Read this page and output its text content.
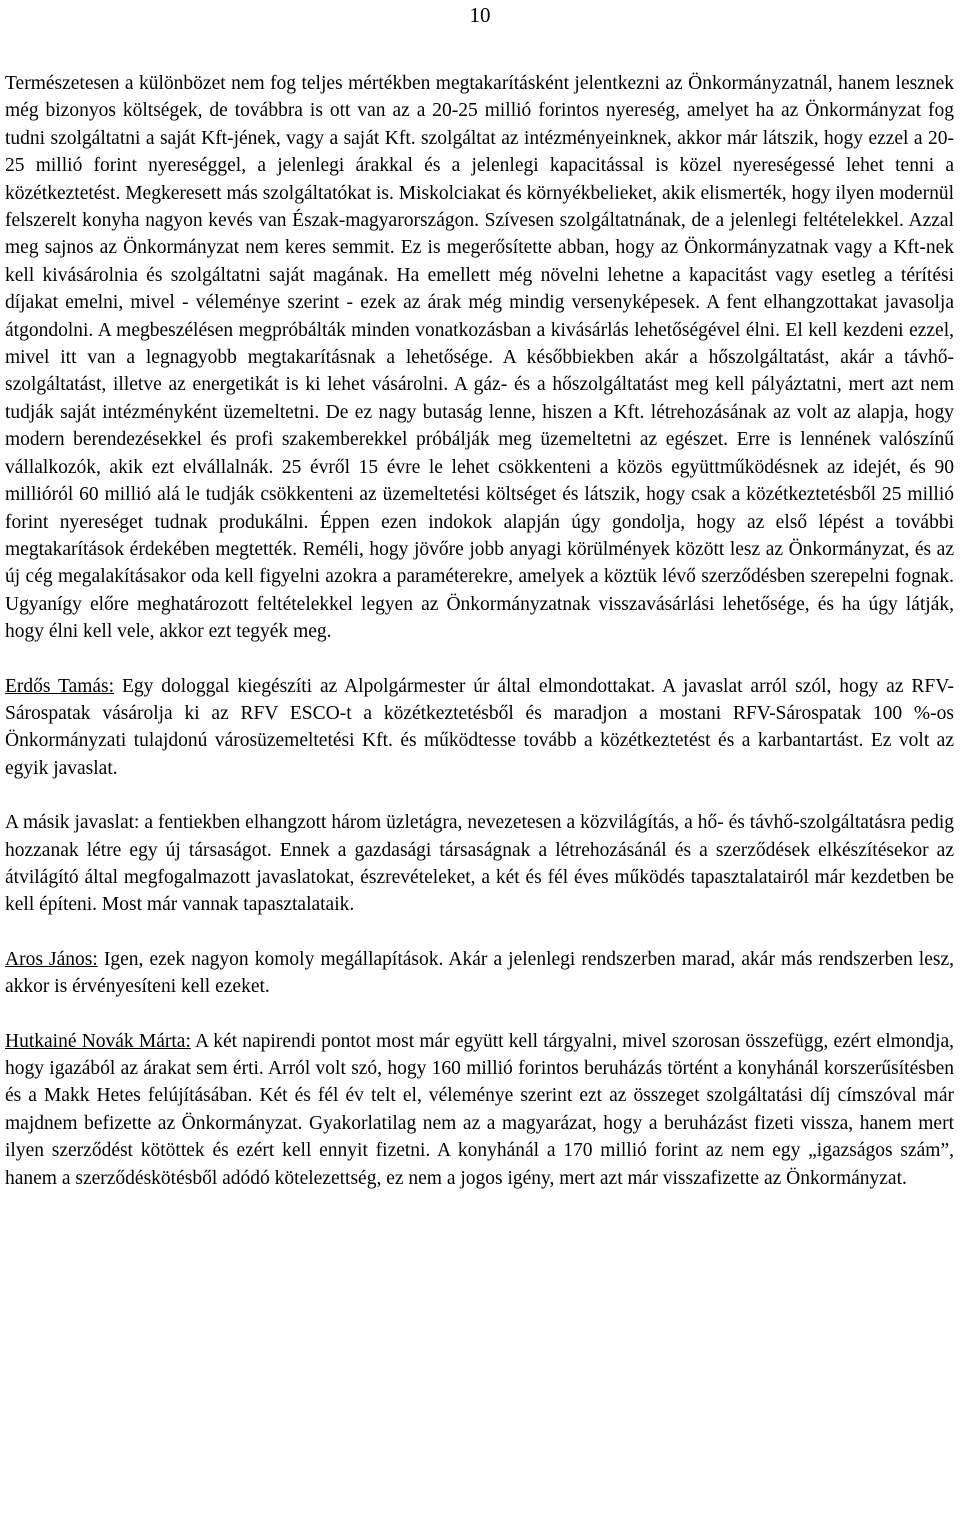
10

Természetesen a különbözet nem fog teljes mértékben megtakarításként jelentkezni az Önkormányzatnál, hanem lesznek még bizonyos költségek, de továbbra is ott van az a 20-25 millió forintos nyereség, amelyet ha az Önkormányzat fog tudni szolgáltatni a saját Kft-jének, vagy a saját Kft. szolgáltat az intézményeinknek, akkor már látszik, hogy ezzel a 20-25 millió forint nyereséggel, a jelenlegi árakkal és a jelenlegi kapacitással is közel nyereségessé lehet tenni a közétkeztetést. Megkeresett más szolgáltatókat is. Miskolciakat és környékbelieket, akik elismerték, hogy ilyen modernül felszerelt konyha nagyon kevés van Észak-magyarországon. Szívesen szolgáltatnának, de a jelenlegi feltételekkel. Azzal meg sajnos az Önkormányzat nem keres semmit. Ez is megerősítette abban, hogy az Önkormányzatnak vagy a Kft-nek kell kivásárolnia és szolgáltatni saját magának. Ha emellett még növelni lehetne a kapacitást vagy esetleg a térítési díjakat emelni, mivel - véleménye szerint - ezek az árak még mindig versenyképesek. A fent elhangzottakat javasolja átgondolni. A megbeszélésen megpróbálták minden vonatkozásban a kivásárlás lehetőségével élni. El kell kezdeni ezzel, mivel itt van a legnagyobb megtakarításnak a lehetősége. A későbbiekben akár a hőszolgáltatást, akár a távhő-szolgáltatást, illetve az energetikát is ki lehet vásárolni. A gáz- és a hőszolgáltatást meg kell pályáztatni, mert azt nem tudják saját intézményként üzemeltetni. De ez nagy butaság lenne, hiszen a Kft. létrehozásának az volt az alapja, hogy modern berendezésekkel és profi szakemberekkel próbálják meg üzemeltetni az egészet. Erre is lennének valószínű vállalkozók, akik ezt elvállalnák. 25 évről 15 évre le lehet csökkenteni a közös együttműködésnek az idejét, és 90 millióról 60 millió alá le tudják csökkenteni az üzemeltetési költséget és látszik, hogy csak a közétkeztetésből 25 millió forint nyereséget tudnak produkálni. Éppen ezen indokok alapján úgy gondolja, hogy az első lépést a további megtakarítások érdekében megtették. Reméli, hogy jövőre jobb anyagi körülmények között lesz az Önkormányzat, és az új cég megalakításakor oda kell figyelni azokra a paraméterekre, amelyek a köztük lévő szerződésben szerepelni fognak. Ugyanígy előre meghatározott feltételekkel legyen az Önkormányzatnak visszavásárlási lehetősége, és ha úgy látják, hogy élni kell vele, akkor ezt tegyék meg.

Erdős Tamás: Egy dologgal kiegészíti az Alpolgármester úr által elmondottakat. A javaslat arról szól, hogy az RFV-Sárospatak vásárolja ki az RFV ESCO-t a közétkeztetésből és maradjon a mostani RFV-Sárospatak 100 %-os Önkormányzati tulajdonú városüzemeltetési Kft. és működtesse tovább a közétkeztetést és a karbantartást. Ez volt az egyik javaslat.

A másik javaslat: a fentiekben elhangzott három üzletágra, nevezetesen a közvilágítás, a hő- és távhő-szolgáltatásra pedig hozzanak létre egy új társaságot. Ennek a gazdasági társaságnak a létrehozásánál és a szerződések elkészítésekor az átvilágító által megfogalmazott javaslatokat, észrevételeket, a két és fél éves működés tapasztalatairól már kezdetben be kell építeni. Most már vannak tapasztalataik.

Aros János: Igen, ezek nagyon komoly megállapítások. Akár a jelenlegi rendszerben marad, akár más rendszerben lesz, akkor is érvényesíteni kell ezeket.

Hutkainé Novák Márta: A két napirendi pontot most már együtt kell tárgyalni, mivel szorosan összefügg, ezért elmondja, hogy igazából az árakat sem érti. Arról volt szó, hogy 160 millió forintos beruházás történt a konyhánál korszerűsítésben és a Makk Hetes felújításában. Két és fél év telt el, véleménye szerint ezt az összeget szolgáltatási díj címszóval már majdnem befizette az Önkormányzat. Gyakorlatilag nem az a magyarázat, hogy a beruházást fizeti vissza, hanem mert ilyen szerződést kötöttek és ezért kell ennyit fizetni. A konyhánál a 170 millió forint az nem egy „igazságos szám”, hanem a szerződéskötésből adódó kötelezettség, ez nem a jogos igény, mert azt már visszafizette az Önkormányzat.
